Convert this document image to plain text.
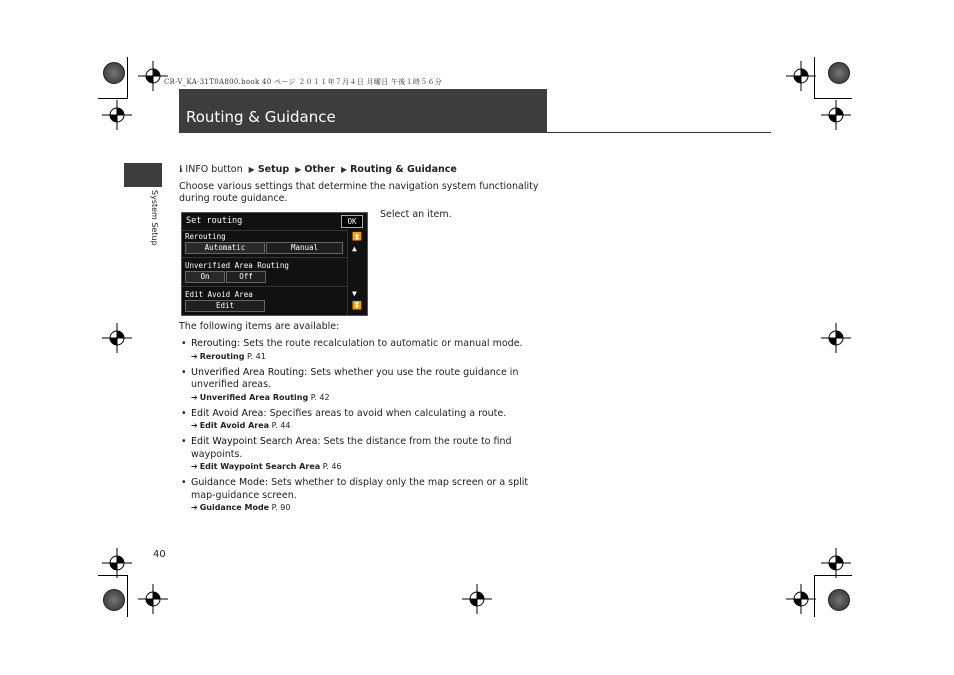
CR-V_KA-31T0A800.book 40 ページ ２０１１年７月４日 月曜日 午後１時５６分
Routing & Guidance
System Setup
ℹ INFO button ▶ Setup ▶ Other ▶ Routing & Guidance
Choose various settings that determine the navigation system functionality during route guidance.
Set routing	OK
Rerouting
Automatic	Manual
Unverified Area Routing
On	Off
Edit Avoid Area
Edit
⏫
▲
▼
⏬
Select an item.
The following items are available:
• Rerouting: Sets the route recalculation to automatic or manual mode.
➔ Rerouting P. 41
• Unverified Area Routing: Sets whether you use the route guidance in unverified areas.
➔ Unverified Area Routing P. 42
• Edit Avoid Area: Specifies areas to avoid when calculating a route.
➔ Edit Avoid Area P. 44
• Edit Waypoint Search Area: Sets the distance from the route to find waypoints.
➔ Edit Waypoint Search Area P. 46
• Guidance Mode: Sets whether to display only the map screen or a split map-guidance screen.
➔ Guidance Mode P. 90
40
